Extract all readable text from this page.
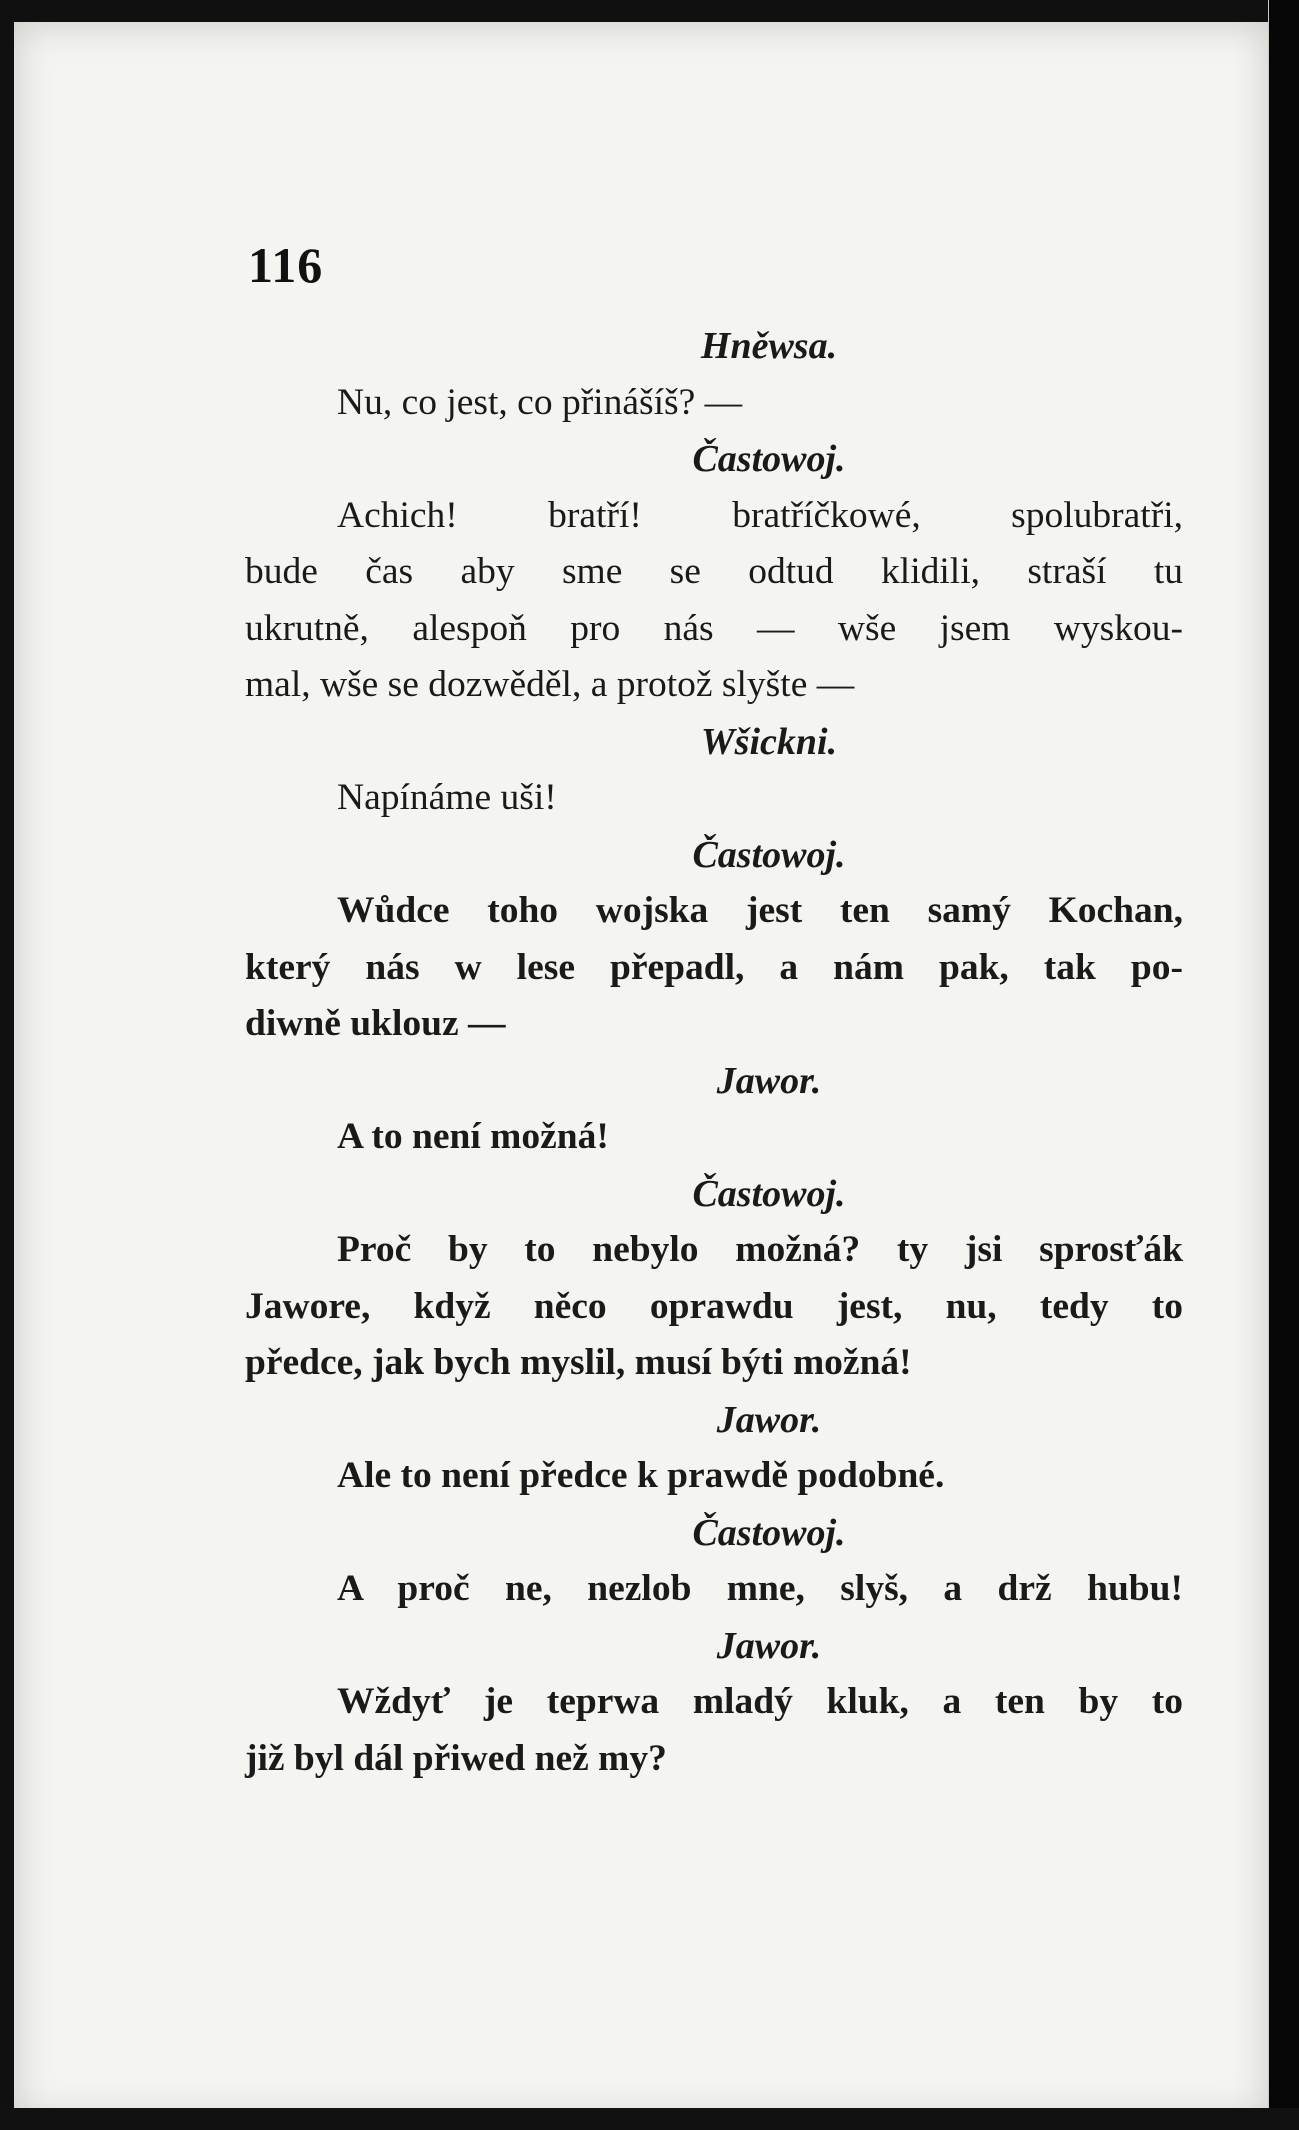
116
Hněwsa.
Nu, co jest, co přinášíš? —
Častowoj.
Achich! bratří! bratříčkowé, spolubratři,
bude čas aby sme se odtud klidili, straší tu
ukrutně, alespoň pro nás — wše jsem wyskou-
mal, wše se dozwěděl, a protož slyšte —
Wšickni.
Napínáme uši!
Častowoj.
Wůdce toho wojska jest ten samý Kochan,
který nás w lese přepadl, a nám pak, tak po-
diwně uklouz —
Jawor.
A to není možná!
Častowoj.
Proč by to nebylo možná? ty jsi sprosťák
Jawore, když něco oprawdu jest, nu, tedy to
předce, jak bych myslil, musí býti možná!
Jawor.
Ale to není předce k prawdě podobné.
Častowoj.
A proč ne, nezlob mne, slyš, a drž hubu!
Jawor.
Wždyť je teprwa mladý kluk, a ten by to
již byl dál přiwed než my?
